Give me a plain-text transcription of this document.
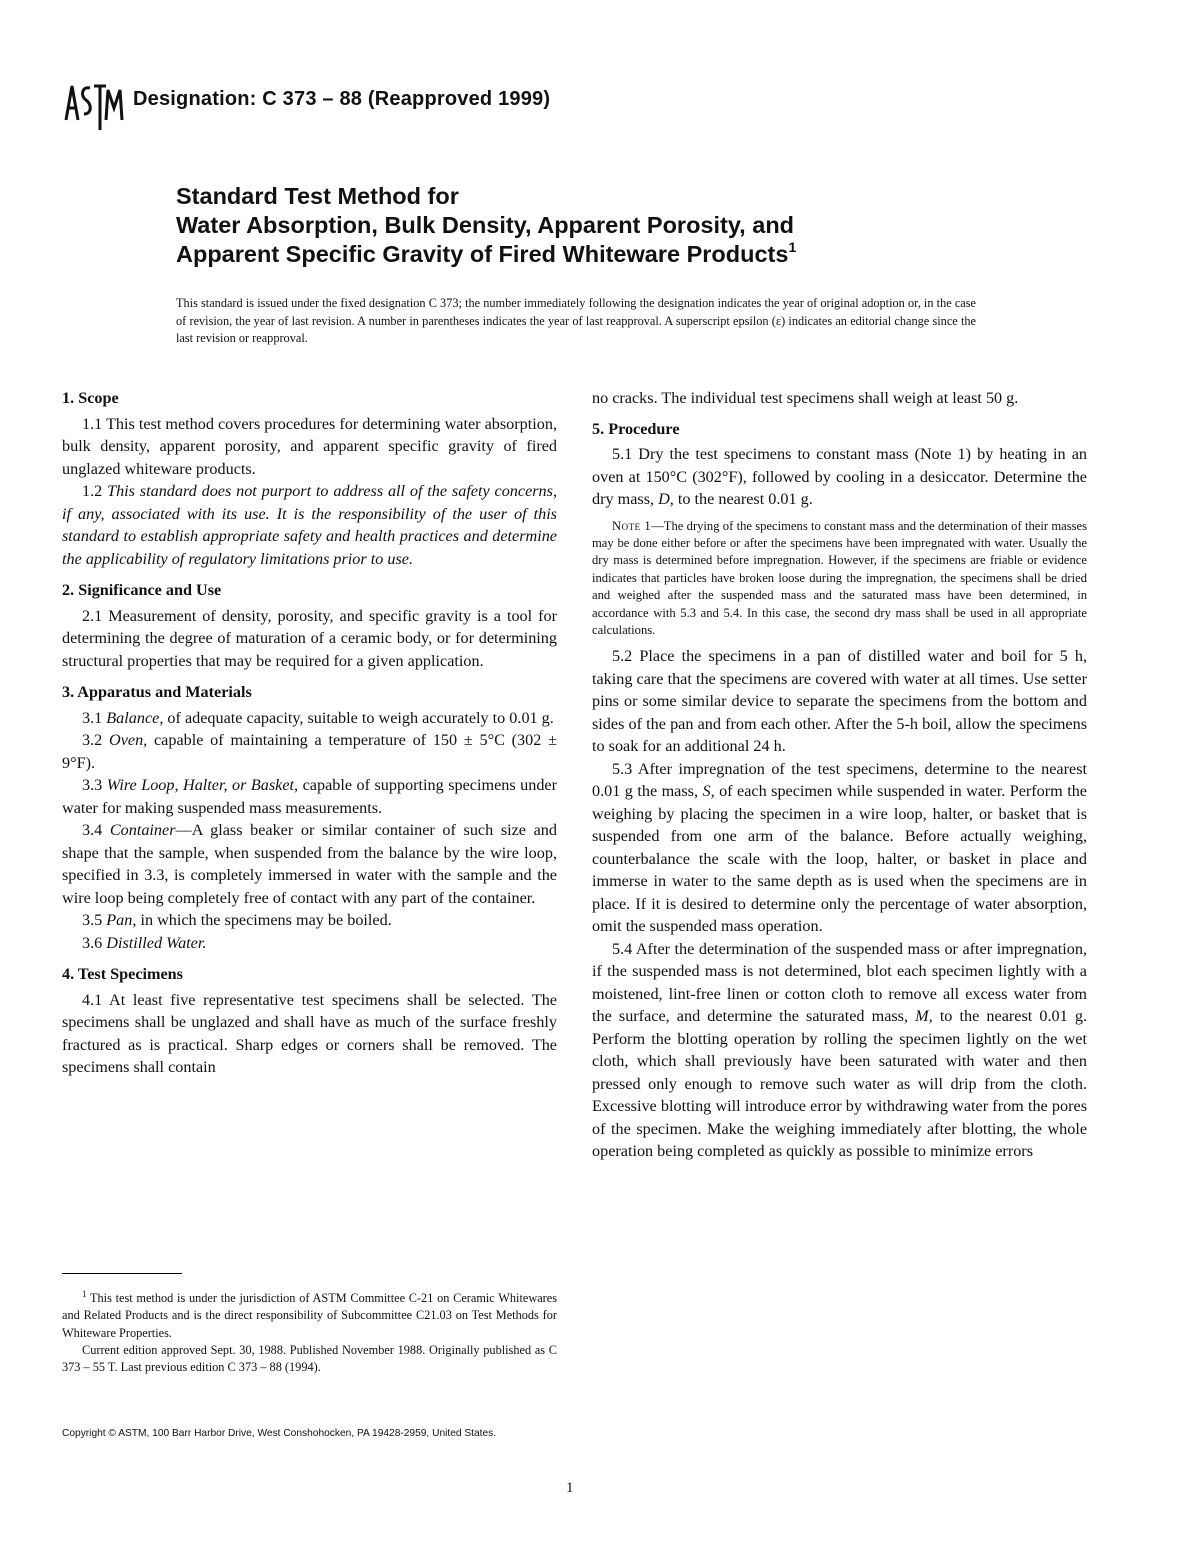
Designation: C 373 – 88 (Reapproved 1999)
Standard Test Method for
Water Absorption, Bulk Density, Apparent Porosity, and
Apparent Specific Gravity of Fired Whiteware Products$^1$
This standard is issued under the fixed designation C 373; the number immediately following the designation indicates the year of original adoption or, in the case of revision, the year of last revision. A number in parentheses indicates the year of last reapproval. A superscript epsilon (ε) indicates an editorial change since the last revision or reapproval.
1. Scope

1.1 This test method covers procedures for determining water absorption, bulk density, apparent porosity, and apparent specific gravity of fired unglazed whiteware products.

1.2 This standard does not purport to address all of the safety concerns, if any, associated with its use. It is the responsibility of the user of this standard to establish appropriate safety and health practices and determine the applicability of regulatory limitations prior to use.

2. Significance and Use

2.1 Measurement of density, porosity, and specific gravity is a tool for determining the degree of maturation of a ceramic body, or for determining structural properties that may be required for a given application.

3. Apparatus and Materials

3.1 Balance, of adequate capacity, suitable to weigh accurately to 0.01 g.

3.2 Oven, capable of maintaining a temperature of 150 ± 5°C (302 ± 9°F).

3.3 Wire Loop, Halter, or Basket, capable of supporting specimens under water for making suspended mass measurements.

3.4 Container—A glass beaker or similar container of such size and shape that the sample, when suspended from the balance by the wire loop, specified in 3.3, is completely immersed in water with the sample and the wire loop being completely free of contact with any part of the container.

3.5 Pan, in which the specimens may be boiled.

3.6 Distilled Water.

4. Test Specimens

4.1 At least five representative test specimens shall be selected. The specimens shall be unglazed and shall have as much of the surface freshly fractured as is practical. Sharp edges or corners shall be removed. The specimens shall contain

no cracks. The individual test specimens shall weigh at least 50 g.

5. Procedure

5.1 Dry the test specimens to constant mass (Note 1) by heating in an oven at 150°C (302°F), followed by cooling in a desiccator. Determine the dry mass, D, to the nearest 0.01 g.

Note 1—The drying of the specimens to constant mass and the determination of their masses may be done either before or after the specimens have been impregnated with water. Usually the dry mass is determined before impregnation. However, if the specimens are friable or evidence indicates that particles have broken loose during the impregnation, the specimens shall be dried and weighed after the suspended mass and the saturated mass have been determined, in accordance with 5.3 and 5.4. In this case, the second dry mass shall be used in all appropriate calculations.

5.2 Place the specimens in a pan of distilled water and boil for 5 h, taking care that the specimens are covered with water at all times. Use setter pins or some similar device to separate the specimens from the bottom and sides of the pan and from each other. After the 5-h boil, allow the specimens to soak for an additional 24 h.

5.3 After impregnation of the test specimens, determine to the nearest 0.01 g the mass, S, of each specimen while suspended in water. Perform the weighing by placing the specimen in a wire loop, halter, or basket that is suspended from one arm of the balance. Before actually weighing, counterbalance the scale with the loop, halter, or basket in place and immerse in water to the same depth as is used when the specimens are in place. If it is desired to determine only the percentage of water absorption, omit the suspended mass operation.

5.4 After the determination of the suspended mass or after impregnation, if the suspended mass is not determined, blot each specimen lightly with a moistened, lint-free linen or cotton cloth to remove all excess water from the surface, and determine the saturated mass, M, to the nearest 0.01 g. Perform the blotting operation by rolling the specimen lightly on the wet cloth, which shall previously have been saturated with water and then pressed only enough to remove such water as will drip from the cloth. Excessive blotting will introduce error by withdrawing water from the pores of the specimen. Make the weighing immediately after blotting, the whole operation being completed as quickly as possible to minimize errors

$^1$ This test method is under the jurisdiction of ASTM Committee C-21 on Ceramic Whitewares and Related Products and is the direct responsibility of Subcommittee C21.03 on Test Methods for Whiteware Properties.

Current edition approved Sept. 30, 1988. Published November 1988. Originally published as C 373 – 55 T. Last previous edition C 373 – 88 (1994).

Copyright © ASTM, 100 Barr Harbor Drive, West Conshohocken, PA 19428-2959, United States.
1
